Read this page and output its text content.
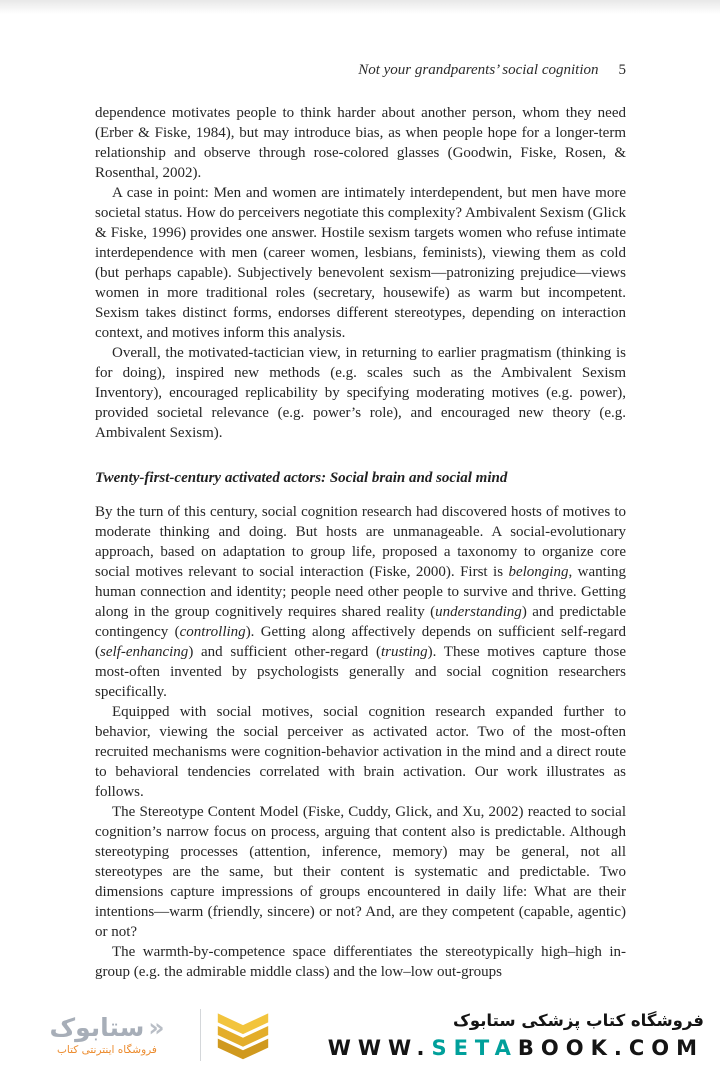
Not your grandparents’ social cognition 5

dependence motivates people to think harder about another person, whom they need (Erber & Fiske, 1984), but may introduce bias, as when people hope for a longer-term relationship and observe through rose-colored glasses (Goodwin, Fiske, Rosen, & Rosenthal, 2002).

A case in point: Men and women are intimately interdependent, but men have more societal status. How do perceivers negotiate this complexity? Ambivalent Sexism (Glick & Fiske, 1996) provides one answer. Hostile sexism targets women who refuse intimate interdependence with men (career women, lesbians, feminists), viewing them as cold (but perhaps capable). Subjectively benevolent sexism—patronizing prejudice—views women in more traditional roles (secretary, housewife) as warm but incompetent. Sexism takes distinct forms, endorses different stereotypes, depending on interaction context, and motives inform this analysis.

Overall, the motivated-tactician view, in returning to earlier pragmatism (thinking is for doing), inspired new methods (e.g. scales such as the Ambivalent Sexism Inventory), encouraged replicability by specifying moderating motives (e.g. power), provided societal relevance (e.g. power’s role), and encouraged new theory (e.g. Ambivalent Sexism).

Twenty-first-century activated actors: Social brain and social mind

By the turn of this century, social cognition research had discovered hosts of motives to moderate thinking and doing. But hosts are unmanageable. A social-evolutionary approach, based on adaptation to group life, proposed a taxonomy to organize core social motives relevant to social interaction (Fiske, 2000). First is belonging, wanting human connection and identity; people need other people to survive and thrive. Getting along in the group cognitively requires shared reality (understanding) and predictable contingency (controlling). Getting along affectively depends on sufficient self-regard (self-enhancing) and sufficient other-regard (trusting). These motives capture those most-often invented by psychologists generally and social cognition researchers specifically.

Equipped with social motives, social cognition research expanded further to behavior, viewing the social perceiver as activated actor. Two of the most-often recruited mechanisms were cognition-behavior activation in the mind and a direct route to behavioral tendencies correlated with brain activation. Our work illustrates as follows.

The Stereotype Content Model (Fiske, Cuddy, Glick, and Xu, 2002) reacted to social cognition’s narrow focus on process, arguing that content also is predictable. Although stereotyping processes (attention, inference, memory) may be general, not all stereotypes are the same, but their content is systematic and predictable. Two dimensions capture impressions of groups encountered in daily life: What are their intentions—warm (friendly, sincere) or not? And, are they competent (capable, agentic) or not?

The warmth-by-competence space differentiates the stereotypically high–high in-group (e.g. the admirable middle class) and the low–low out-groups

«ستابوک
فروشگاه اینترنتی کتاب
فروشگاه کتاب پزشکی ستابوک
WWW.SETABOOK.COM
